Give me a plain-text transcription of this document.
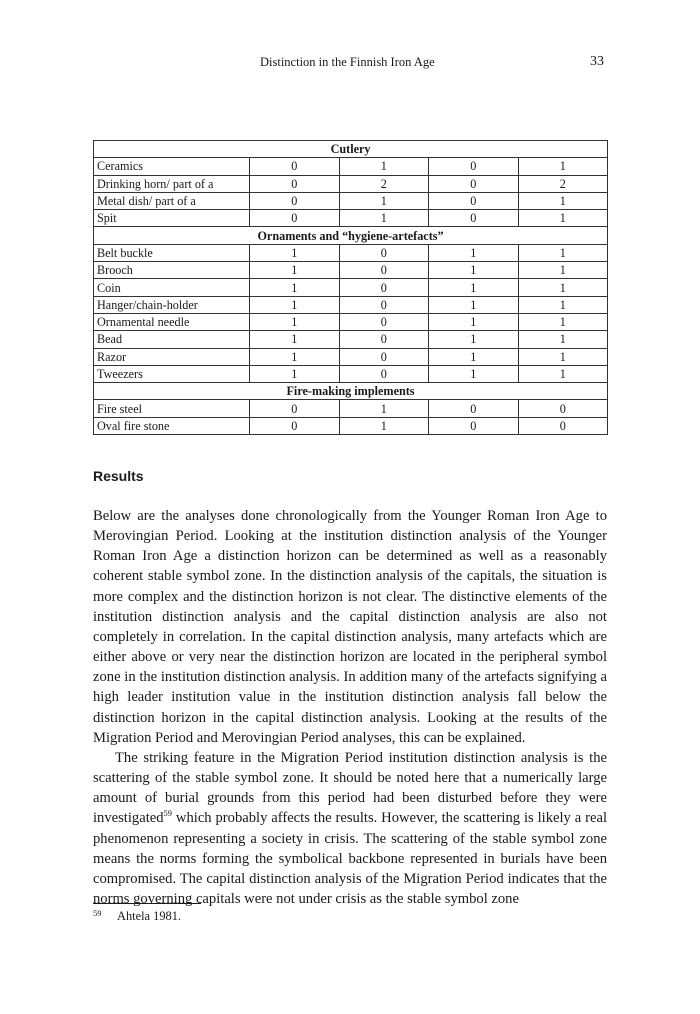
Distinction in the Finnish Iron Age	33
Cutlery				
Ceramics	0	1	0	1
Drinking horn/ part of a	0	2	0	2
Metal dish/ part of a	0	1	0	1
Spit	0	1	0	1
Ornaments and “hygiene-artefacts”				
Belt buckle	1	0	1	1
Brooch	1	0	1	1
Coin	1	0	1	1
Hanger/chain-holder	1	0	1	1
Ornamental needle	1	0	1	1
Bead	1	0	1	1
Razor	1	0	1	1
Tweezers	1	0	1	1
Fire-making implements				
Fire steel	0	1	0	0
Oval fire stone	0	1	0	0
Results

Below are the analyses done chronologically from the Younger Roman Iron Age to Merovingian Period. Looking at the institution distinction analysis of the Younger Roman Iron Age a distinction horizon can be determined as well as a reasonably coherent stable symbol zone. In the distinction analysis of the capitals, the situation is more complex and the distinction horizon is not clear. The distinctive elements of the institution distinction analysis and the capital distinction analysis are also not completely in correlation. In the capital distinction analysis, many artefacts which are either above or very near the distinction horizon are located in the peripheral symbol zone in the institution distinction analysis. In addition many of the artefacts signifying a high leader institution value in the institution distinction analysis fall below the distinction horizon in the capital distinction analysis. Looking at the results of the Migration Period and Merovingian Period analyses, this can be explained.

The striking feature in the Migration Period institution distinction analysis is the scattering of the stable symbol zone. It should be noted here that a numerically large amount of burial grounds from this period had been disturbed before they were investigated$^{59}$ which probably affects the results. However, the scattering is likely a real phenomenon representing a society in crisis. The scattering of the stable symbol zone means the norms forming the symbolical backbone represented in burials have been compromised. The capital distinction analysis of the Migration Period indicates that the norms governing capitals were not under crisis as the stable symbol zone

$^{59}$ Ahtela 1981.
